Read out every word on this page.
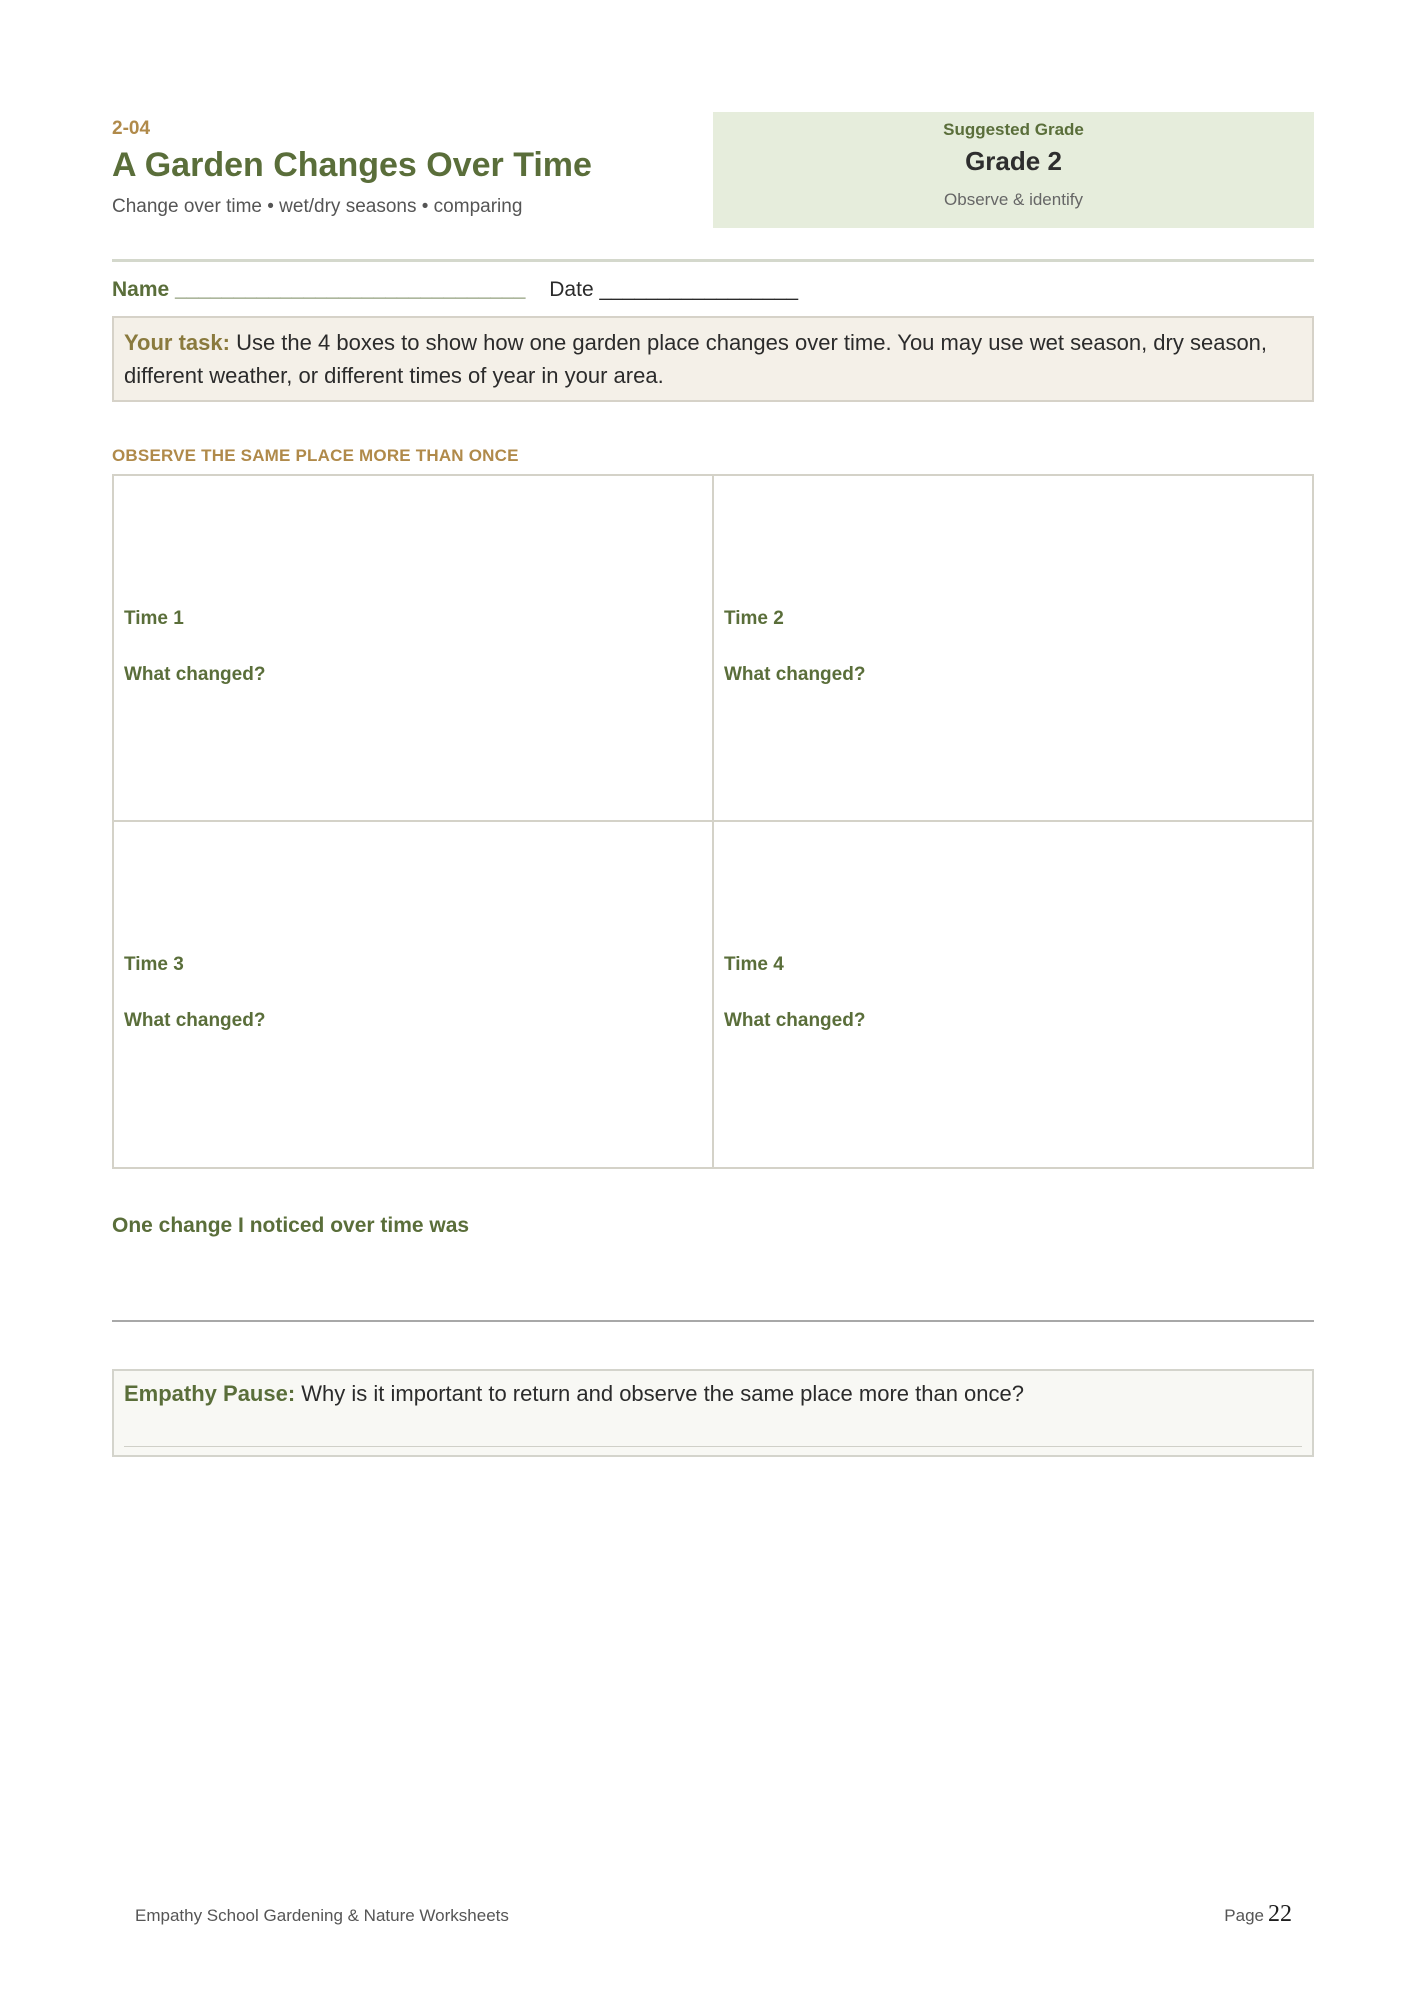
2-04
A Garden Changes Over Time
Change over time • wet/dry seasons • comparing
Suggested Grade
Grade 2
Observe & identify
Name ______________________________ Date _________________
Your task: Use the 4 boxes to show how one garden place changes over time. You may use wet season, dry season, different weather, or different times of year in your area.
OBSERVE THE SAME PLACE MORE THAN ONCE
Time 1
What changed?
Time 2
What changed?
Time 3
What changed?
Time 4
What changed?
One change I noticed over time was
Empathy Pause: Why is it important to return and observe the same place more than once?
Empathy School Gardening & Nature Worksheets	Page 22
